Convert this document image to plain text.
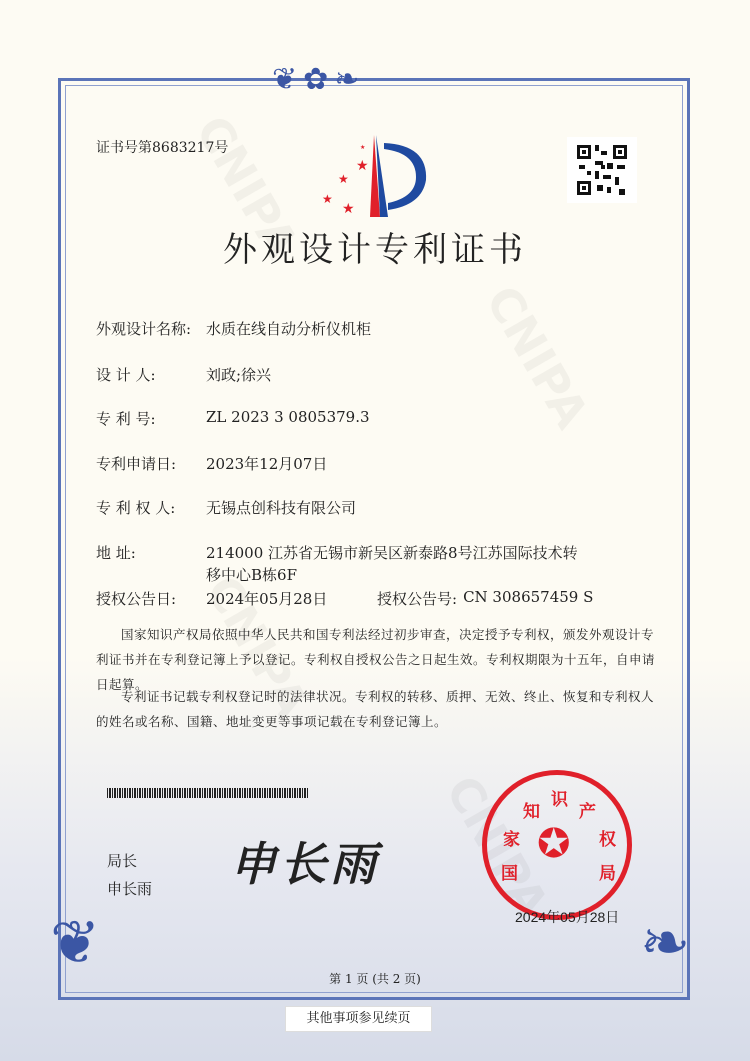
❦✿❧
❦	❧
证书号第8683217号
★
★
★
★
★
外观设计专利证书
外观设计名称: 水质在线自动分析仪机柜
设 计 人:	刘政;徐兴
专 利 号:	ZL 2023 3 0805379.3
专利申请日:	2023年12月07日
专 利 权 人:	无锡点创科技有限公司
地 址:	214000 江苏省无锡市新吴区新泰路8号江苏国际技术转
移中心B栋6F
授权公告日:	2024年05月28日	授权公告号: CN 308657459 S
国家知识产权局依照中华人民共和国专利法经过初步审查，决定授予专利权，颁发外观设计专利证书并在专利登记簿上予以登记。专利权自授权公告之日起生效。专利权期限为十五年，自申请日起算。
专利证书记载专利权登记时的法律状况。专利权的转移、质押、无效、终止、恢复和专利权人的姓名或名称、国籍、地址变更等事项记载在专利登记簿上。
局长
申长雨 申长雨	国
家
知
识
产
权
局
✪
2024年05月28日
第 1 页 (共 2 页)
其他事项参见续页
